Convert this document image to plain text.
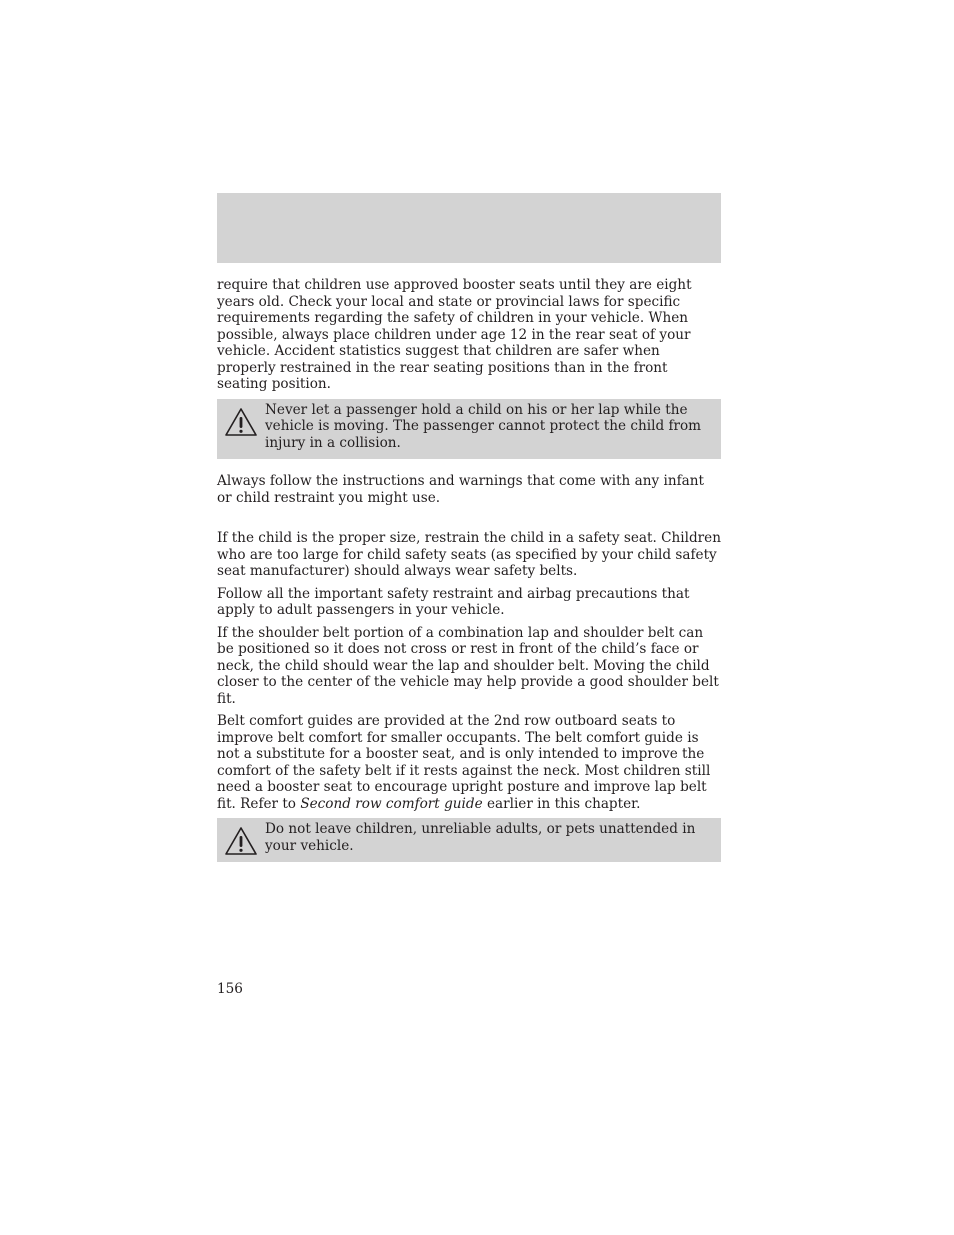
require that children use approved booster seats until they are eight years old. Check your local and state or provincial laws for specific requirements regarding the safety of children in your vehicle. When possible, always place children under age 12 in the rear seat of your vehicle. Accident statistics suggest that children are safer when properly restrained in the rear seating positions than in the front seating position.

Never let a passenger hold a child on his or her lap while the vehicle is moving. The passenger cannot protect the child from injury in a collision.

Always follow the instructions and warnings that come with any infant or child restraint you might use.

If the child is the proper size, restrain the child in a safety seat. Children who are too large for child safety seats (as specified by your child safety seat manufacturer) should always wear safety belts.

Follow all the important safety restraint and airbag precautions that apply to adult passengers in your vehicle.

If the shoulder belt portion of a combination lap and shoulder belt can be positioned so it does not cross or rest in front of the child’s face or neck, the child should wear the lap and shoulder belt. Moving the child closer to the center of the vehicle may help provide a good shoulder belt fit.

Belt comfort guides are provided at the 2nd row outboard seats to improve belt comfort for smaller occupants. The belt comfort guide is not a substitute for a booster seat, and is only intended to improve the comfort of the safety belt if it rests against the neck. Most children still need a booster seat to encourage upright posture and improve lap belt fit. Refer to Second row comfort guide earlier in this chapter.

Do not leave children, unreliable adults, or pets unattended in your vehicle.
156
